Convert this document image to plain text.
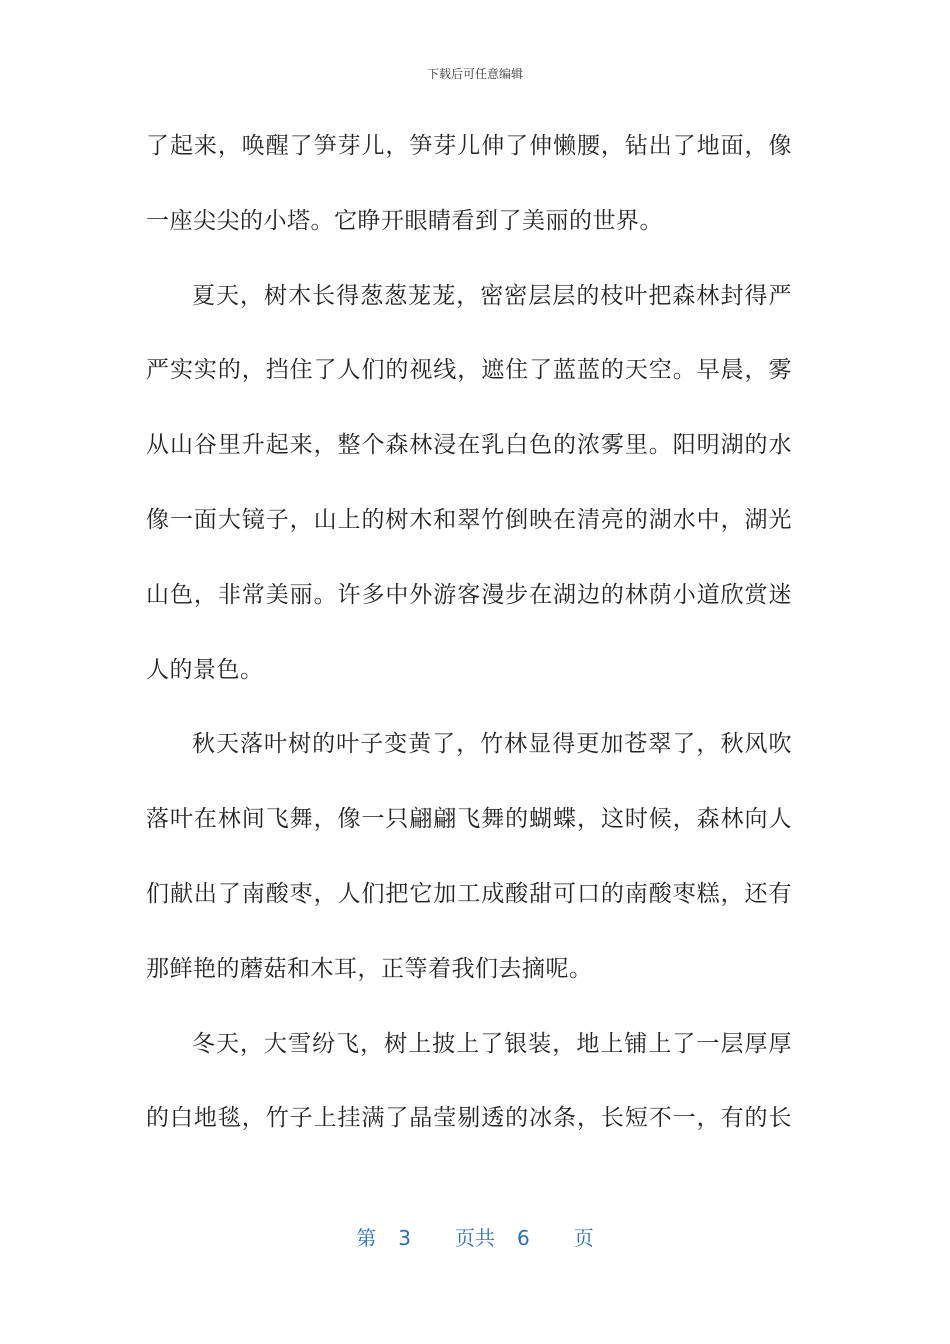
下载后可任意编辑
了起来，唤醒了笋芽儿，笋芽儿伸了伸懒腰，钻出了地面，像
一座尖尖的小塔。它睁开眼睛看到了美丽的世界。
夏天，树木长得葱葱茏茏，密密层层的枝叶把森林封得严
严实实的，挡住了人们的视线，遮住了蓝蓝的天空。早晨，雾
从山谷里升起来，整个森林浸在乳白色的浓雾里。阳明湖的水
像一面大镜子，山上的树木和翠竹倒映在清亮的湖水中，湖光
山色，非常美丽。许多中外游客漫步在湖边的林荫小道欣赏迷
人的景色。
秋天落叶树的叶子变黄了，竹林显得更加苍翠了，秋风吹
落叶在林间飞舞，像一只翩翩飞舞的蝴蝶，这时候，森林向人
们献出了南酸枣，人们把它加工成酸甜可口的南酸枣糕，还有
那鲜艳的蘑菇和木耳，正等着我们去摘呢。
冬天，大雪纷飞，树上披上了银装，地上铺上了一层厚厚
的白地毯，竹子上挂满了晶莹剔透的冰条，长短不一，有的长
第 3 页共 6 页
